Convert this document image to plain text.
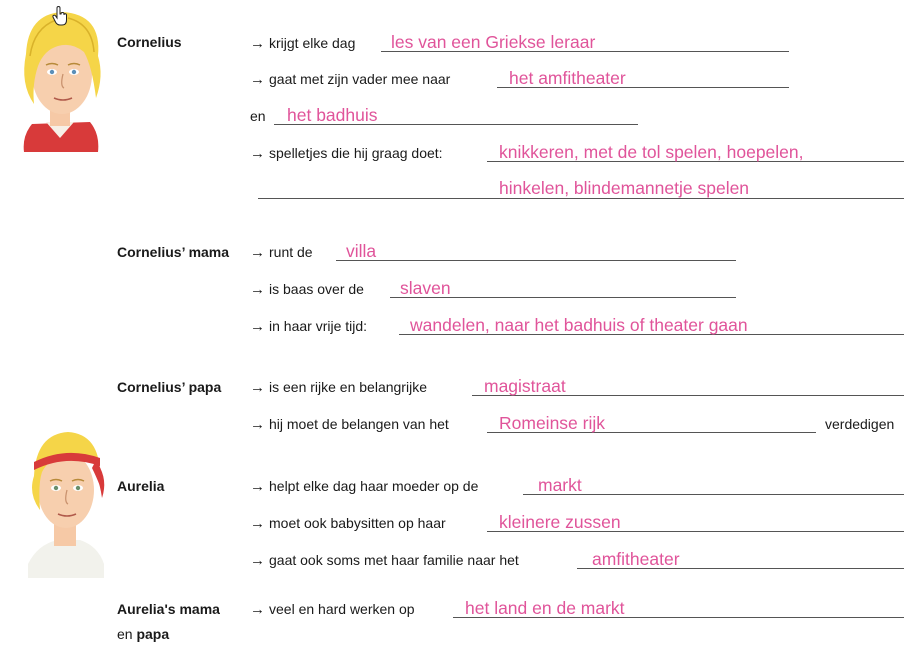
Cornelius	→ krijgt elke dag les van een Griekse leraar
→ gaat met zijn vader mee naar	het amfitheater
en het badhuis
→ spelletjes die hij graag doet:	knikkeren, met de tol spelen, hoepelen,
hinkelen, blindemannetje spelen
Cornelius’ mama → runt de villa
→ is baas over de slaven
→ in haar vrije tijd: wandelen, naar het badhuis of theater gaan
Cornelius’ papa → is een rijke en belangrijke	magistraat
→ hij moet de belangen van het	Romeinse rijk	verdedigen
Aurelia	→ helpt elke dag haar moeder op de	markt
→ moet ook babysitten op haar	kleinere zussen
→ gaat ook soms met haar familie naar het	amfitheater
Aurelia's mama
en papa
→ veel en hard werken op	het land en de markt
